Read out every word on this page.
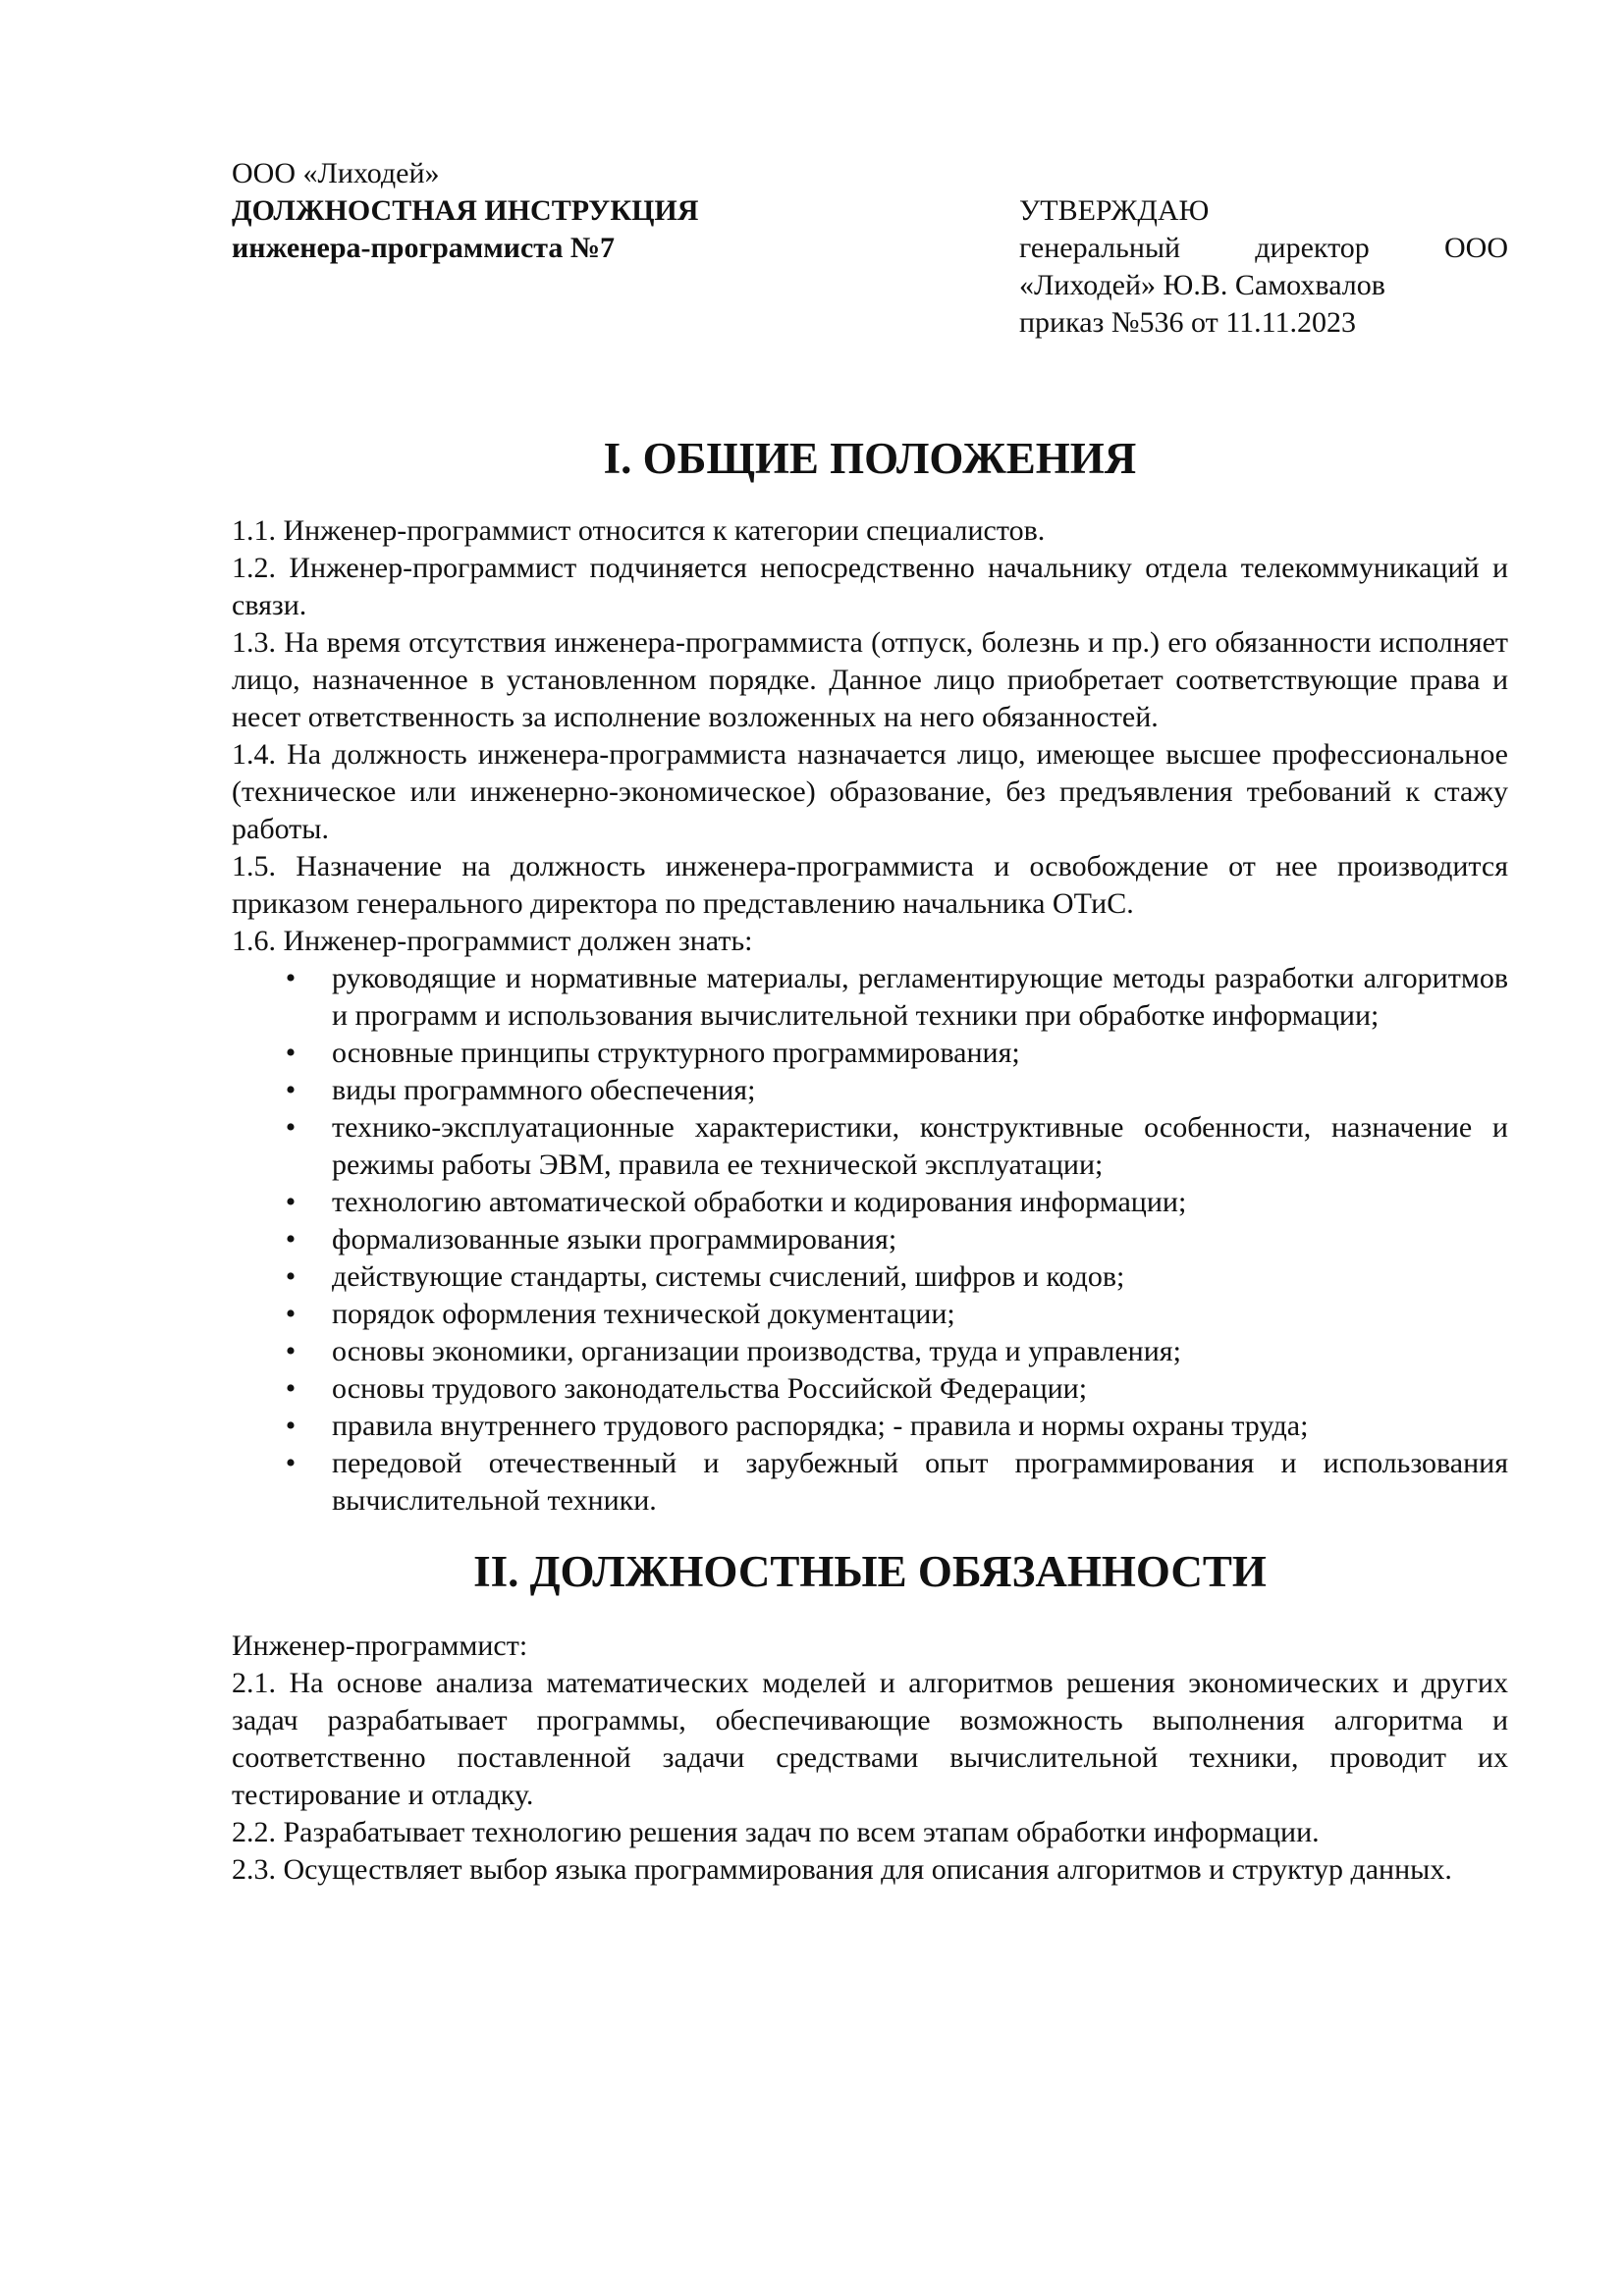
ООО «Лиходей»
ДОЛЖНОСТНАЯ ИНСТРУКЦИЯ
инженера-программиста №7
УТВЕРЖДАЮ
генеральный директор ООО
«Лиходей» Ю.В. Самохвалов
приказ №536 от 11.11.2023
I. ОБЩИЕ ПОЛОЖЕНИЯ

1.1. Инженер-программист относится к категории специалистов.

1.2. Инженер-программист подчиняется непосредственно начальнику отдела телекоммуникаций и связи.

1.3. На время отсутствия инженера-программиста (отпуск, болезнь и пр.) его обязанности исполняет лицо, назначенное в установленном порядке. Данное лицо приобретает соответствующие права и несет ответственность за исполнение возложенных на него обязанностей.

1.4. На должность инженера-программиста назначается лицо, имеющее высшее профессиональное (техническое или инженерно-экономическое) образование, без предъявления требований к стажу работы.

1.5. Назначение на должность инженера-программиста и освобождение от нее производится приказом генерального директора по представлению начальника ОТиС.

1.6. Инженер-программист должен знать:

• руководящие и нормативные материалы, регламентирующие методы разработки алгоритмов и программ и использования вычислительной техники при обработке информации;
• основные принципы структурного программирования;
• виды программного обеспечения;
• технико-эксплуатационные характеристики, конструктивные особенности, назначение и режимы работы ЭВМ, правила ее технической эксплуатации;
• технологию автоматической обработки и кодирования информации;
• формализованные языки программирования;
• действующие стандарты, системы счислений, шифров и кодов;
• порядок оформления технической документации;
• основы экономики, организации производства, труда и управления;
• основы трудового законодательства Российской Федерации;
• правила внутреннего трудового распорядка; - правила и нормы охраны труда;
• передовой отечественный и зарубежный опыт программирования и использования вычислительной техники.
II. ДОЛЖНОСТНЫЕ ОБЯЗАННОСТИ

Инженер-программист:

2.1. На основе анализа математических моделей и алгоритмов решения экономических и других задач разрабатывает программы, обеспечивающие возможность выполнения алгоритма и соответственно поставленной задачи средствами вычислительной техники, проводит их тестирование и отладку.

2.2. Разрабатывает технологию решения задач по всем этапам обработки информации.

2.3. Осуществляет выбор языка программирования для описания алгоритмов и структур данных.
